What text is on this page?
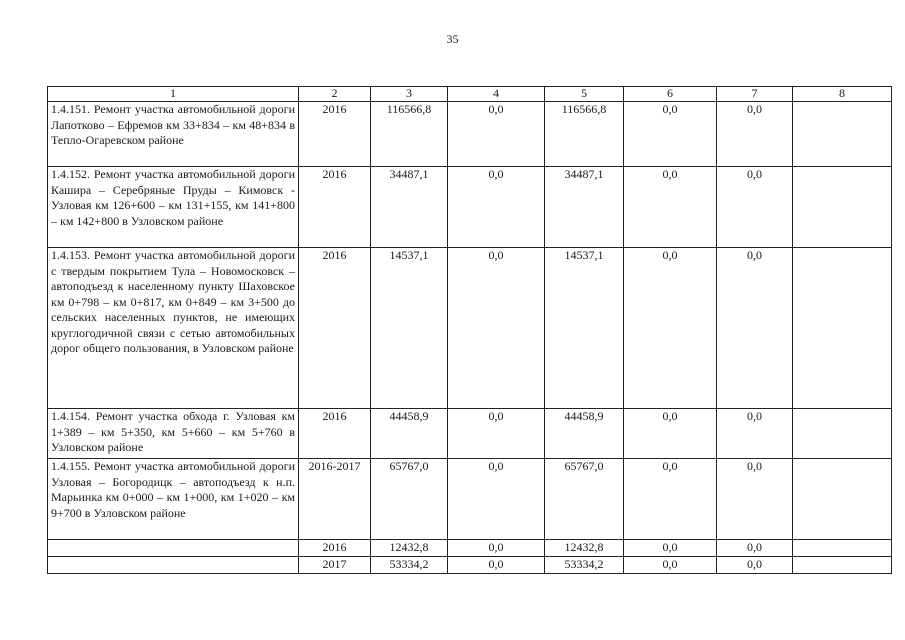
35
1	2	3	4	5	6	7	8
1.4.151. Ремонт участка автомобильной дороги Лапотково – Ефремов км 33+834 – км 48+834 в Тепло-Огаревском районе	2016	116566,8	0,0	116566,8	0,0	0,0	
1.4.152. Ремонт участка автомобильной дороги Кашира – Серебряные Пруды – Кимовск - Узловая км 126+600 – км 131+155, км 141+800 – км 142+800 в Узловском районе	2016	34487,1	0,0	34487,1	0,0	0,0	
1.4.153. Ремонт участка автомобильной дороги с твердым покрытием Тула – Новомосковск – автоподъезд к населенному пункту Шаховское км 0+798 – км 0+817, км 0+849 – км 3+500 до сельских населенных пунктов, не имеющих круглогодичной связи с сетью автомобильных дорог общего пользования, в Узловском районе	2016	14537,1	0,0	14537,1	0,0	0,0	
1.4.154. Ремонт участка обхода г. Узловая км 1+389 – км 5+350, км 5+660 – км 5+760 в Узловском районе	2016	44458,9	0,0	44458,9	0,0	0,0	
1.4.155. Ремонт участка автомобильной дороги Узловая – Богородицк – автоподъезд к н.п. Марьинка км 0+000 – км 1+000, км 1+020 – км 9+700 в Узловском районе	2016-2017	65767,0	0,0	65767,0	0,0	0,0	
	2016	12432,8	0,0	12432,8	0,0	0,0	
	2017	53334,2	0,0	53334,2	0,0	0,0	
